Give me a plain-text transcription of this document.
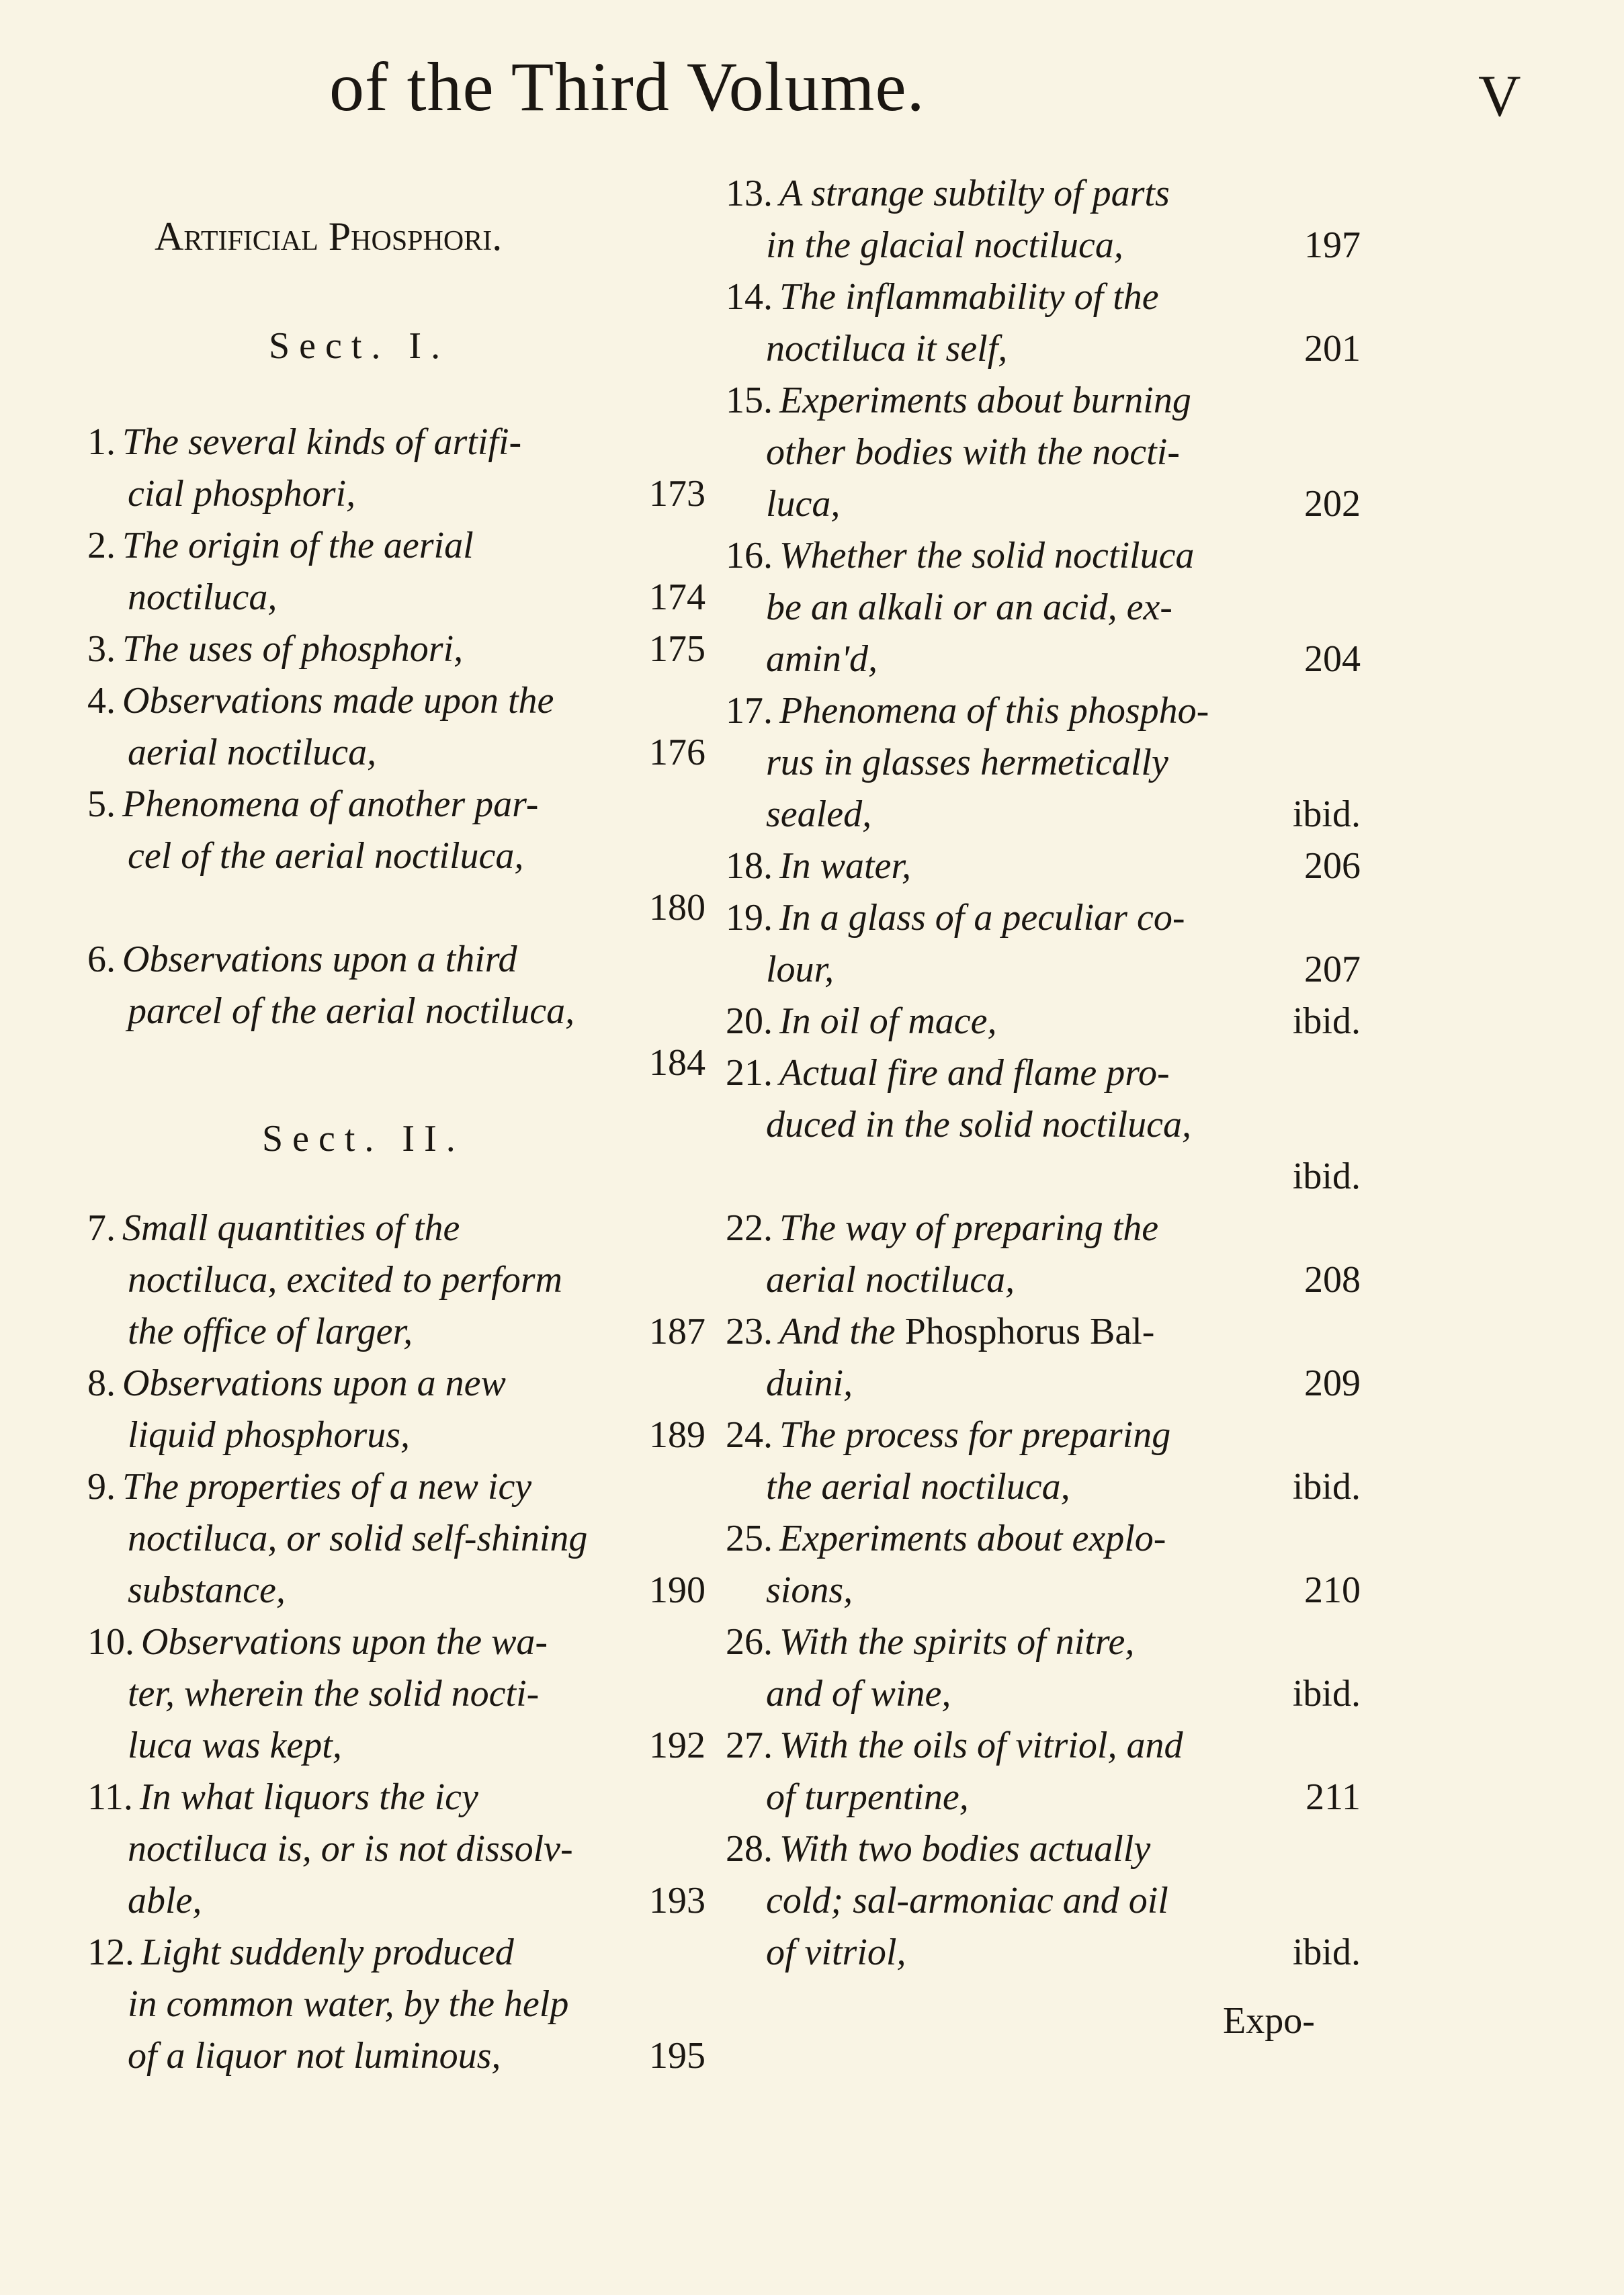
of the Third Volume.	V
Artificial Phosphori.
Sect. I.
1. The several kinds of artifi-
cial phosphori,	173
2. The origin of the aerial
noctiluca,	174
3. The uses of phosphori,	175
4. Observations made upon the
aerial noctiluca,	176
5. Phenomena of another par-
cel of the aerial noctiluca,
180
6. Observations upon a third
parcel of the aerial noctiluca,
184
Sect. II.
7. Small quantities of the
noctiluca, excited to perform
the office of larger,	187
8. Observations upon a new
liquid phosphorus,	189
9. The properties of a new icy
noctiluca, or solid self-shining
substance,	190
10. Observations upon the wa-
ter, wherein the solid nocti-
luca was kept,	192
11. In what liquors the icy
noctiluca is, or is not dissolv-
able,	193
12. Light suddenly produced
in common water, by the help
of a liquor not luminous,	195
13. A strange subtilty of parts
in the glacial noctiluca,	197
14. The inflammability of the
noctiluca it self,	201
15. Experiments about burning
other bodies with the nocti-
luca,	202
16. Whether the solid noctiluca
be an alkali or an acid, ex-
amin'd,	204
17. Phenomena of this phospho-
rus in glasses hermetically
sealed,	ibid.
18. In water,	206
19. In a glass of a peculiar co-
lour,	207
20. In oil of mace,	ibid.
21. Actual fire and flame pro-
duced in the solid noctiluca,
ibid.
22. The way of preparing the
aerial noctiluca,	208
23. And the Phosphorus Bal-
duini,	209
24. The process for preparing
the aerial noctiluca,	ibid.
25. Experiments about explo-
sions,	210
26. With the spirits of nitre,
and of wine,	ibid.
27. With the oils of vitriol, and
of turpentine,	211
28. With two bodies actually
cold; sal-armoniac and oil
of vitriol,	ibid.
Expo-
